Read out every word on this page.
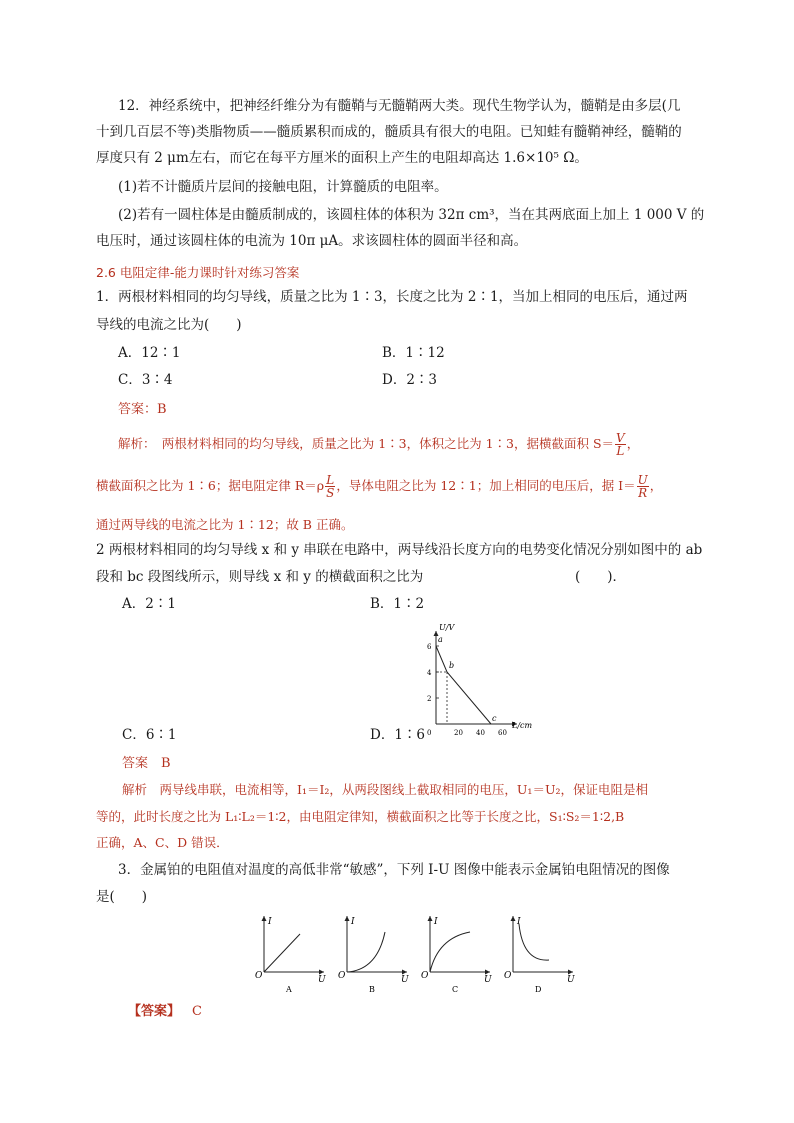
12．神经系统中，把神经纤维分为有髓鞘与无髓鞘两大类。现代生物学认为，髓鞘是由多层(几
十到几百层不等)类脂物质——髓质累积而成的，髓质具有很大的电阻。已知蛙有髓鞘神经，髓鞘的
厚度只有 2 μm左右，而它在每平方厘米的面积上产生的电阻却高达 1.6×10⁵ Ω。
(1)若不计髓质片层间的接触电阻，计算髓质的电阻率。
(2)若有一圆柱体是由髓质制成的，该圆柱体的体积为 32π cm³，当在其两底面上加上 1 000 V 的
电压时，通过该圆柱体的电流为 10π μA。求该圆柱体的圆面半径和高。
2.6 电阻定律-能力课时针对练习答案
1．两根材料相同的均匀导线，质量之比为 1∶3，长度之比为 2∶1，当加上相同的电压后，通过两
导线的电流之比为(　　)
A．12∶1	B．1∶12
C．3∶4	D．2∶3
答案：B
解析：　两根材料相同的均匀导线，质量之比为 1∶3，体积之比为 1∶3，据横截面积 $S= \frac{V}{L}$ ，
横截面积之比为 1∶6；据电阻定律 $R=\rho \frac{L}{S}$ ，导体电阻之比为 12∶1；加上相同的电压后，据 $I= \frac{U}{R}$ ，
通过两导线的电流之比为 1∶12；故 B 正确。
2 两根材料相同的均匀导线 x 和 y 串联在电路中，两导线沿长度方向的电势变化情况分别如图中的 ab
段和 bc 段图线所示，则导线 x 和 y 的横截面积之比为	(　　)．
A．2∶1	B．1∶2
C．6∶1	D．1∶6
U/V
L/cm
0	20 40 60
2
4
6
a
b
c
答案　B
解析　两导线串联，电流相等，I₁＝I₂，从两段图线上截取相同的电压，U₁＝U₂，保证电阻是相
等的，此时长度之比为 L₁∶L₂＝1∶2，由电阻定律知，横截面积之比等于长度之比，S₁∶S₂＝1∶2,B
正确，A、C、D 错误．
3．金属铂的电阻值对温度的高低非常“敏感”，下列 I-U 图像中能表示金属铂电阻情况的图像
是(　　)
I
U
O
A
I
U
O
B
I
U
O
C
I
U
O
D
【答案】 C
